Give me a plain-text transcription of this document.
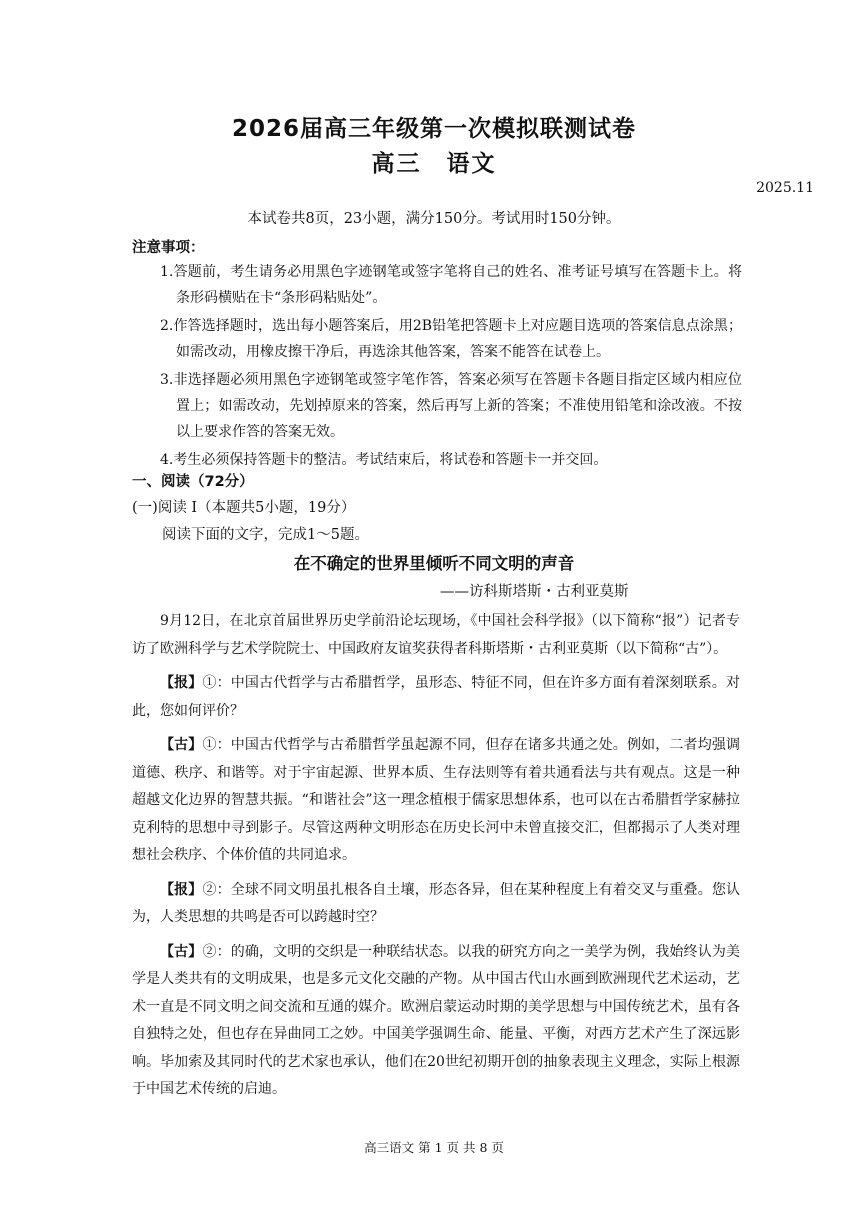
2026届高三年级第一次模拟联测试卷
高三　语文
2025.11
本试卷共8页，23小题，满分150分。考试用时150分钟。
注意事项：

1.答题前，考生请务必用黑色字迹钢笔或签字笔将自己的姓名、准考证号填写在答题卡上。将条形码横贴在卡“条形码粘贴处”。

2.作答选择题时，选出每小题答案后，用2B铅笔把答题卡上对应题目选项的答案信息点涂黑；如需改动，用橡皮擦干净后，再选涂其他答案，答案不能答在试卷上。

3.非选择题必须用黑色字迹钢笔或签字笔作答，答案必须写在答题卡各题目指定区域内相应位置上；如需改动，先划掉原来的答案，然后再写上新的答案；不准使用铅笔和涂改液。不按以上要求作答的答案无效。

4.考生必须保持答题卡的整洁。考试结束后，将试卷和答题卡一并交回。

一、阅读（72分）
(一)阅读 I（本题共5小题，19分）
阅读下面的文字，完成1～5题。
在不确定的世界里倾听不同文明的声音
——访科斯塔斯・古利亚莫斯

9月12日，在北京首届世界历史学前沿论坛现场，《中国社会科学报》（以下简称“报”）记者专访了欧洲科学与艺术学院院士、中国政府友谊奖获得者科斯塔斯・古利亚莫斯（以下简称“古”）。

【报】①：中国古代哲学与古希腊哲学，虽形态、特征不同，但在许多方面有着深刻联系。对此，您如何评价？

【古】①：中国古代哲学与古希腊哲学虽起源不同，但存在诸多共通之处。例如，二者均强调道德、秩序、和谐等。对于宇宙起源、世界本质、生存法则等有着共通看法与共有观点。这是一种超越文化边界的智慧共振。“和谐社会”这一理念植根于儒家思想体系，也可以在古希腊哲学家赫拉克利特的思想中寻到影子。尽管这两种文明形态在历史长河中未曾直接交汇，但都揭示了人类对理想社会秩序、个体价值的共同追求。

【报】②：全球不同文明虽扎根各自土壤，形态各异，但在某种程度上有着交叉与重叠。您认为，人类思想的共鸣是否可以跨越时空？

【古】②：的确，文明的交织是一种联结状态。以我的研究方向之一美学为例，我始终认为美学是人类共有的文明成果，也是多元文化交融的产物。从中国古代山水画到欧洲现代艺术运动，艺术一直是不同文明之间交流和互通的媒介。欧洲启蒙运动时期的美学思想与中国传统艺术，虽有各自独特之处，但也存在异曲同工之妙。中国美学强调生命、能量、平衡，对西方艺术产生了深远影响。毕加索及其同时代的艺术家也承认，他们在20世纪初期开创的抽象表现主义理念，实际上根源于中国艺术传统的启迪。

高三语文 第 1 页 共 8 页
